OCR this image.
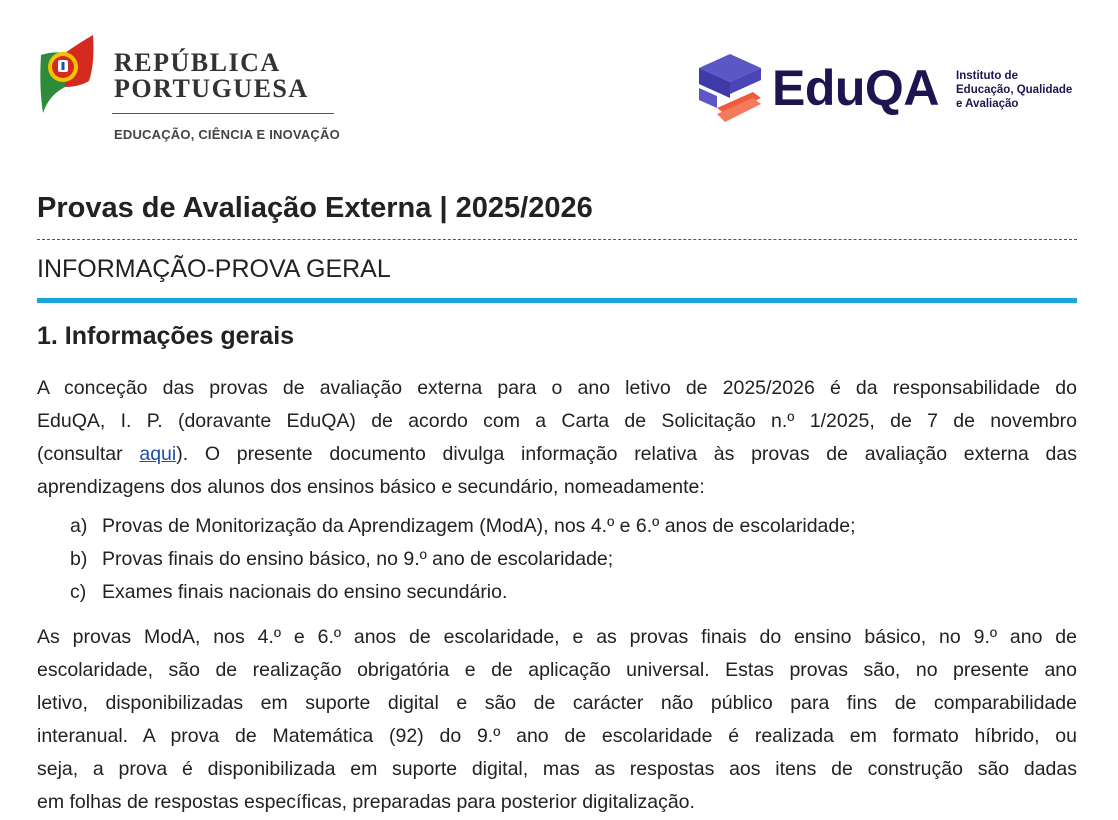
REPÚBLICA
PORTUGUESA
EDUCAÇÃO, CIÊNCIA E INOVAÇÃO
EduQA Instituto de
Educação, Qualidade
e Avaliação
Provas de Avaliação Externa | 2025/2026
INFORMAÇÃO-PROVA GERAL
1. Informações gerais
A conceção das provas de avaliação externa para o ano letivo de 2025/2026 é da responsabilidade do
EduQA, I. P. (doravante EduQA) de acordo com a Carta de Solicitação n.º 1/2025, de 7 de novembro
(consultar aqui). O presente documento divulga informação relativa às provas de avaliação externa das
aprendizagens dos alunos dos ensinos básico e secundário, nomeadamente:
a) Provas de Monitorização da Aprendizagem (ModA), nos 4.º e 6.º anos de escolaridade;
b) Provas finais do ensino básico, no 9.º ano de escolaridade;
c) Exames finais nacionais do ensino secundário.
As provas ModA, nos 4.º e 6.º anos de escolaridade, e as provas finais do ensino básico, no 9.º ano de
escolaridade, são de realização obrigatória e de aplicação universal. Estas provas são, no presente ano
letivo, disponibilizadas em suporte digital e são de carácter não público para fins de comparabilidade
interanual. A prova de Matemática (92) do 9.º ano de escolaridade é realizada em formato híbrido, ou
seja, a prova é disponibilizada em suporte digital, mas as respostas aos itens de construção são dadas
em folhas de respostas específicas, preparadas para posterior digitalização.
